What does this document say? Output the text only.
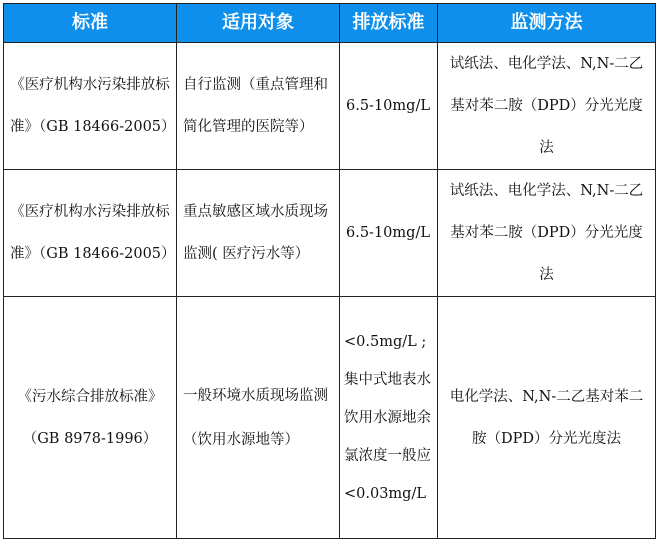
标准	适用对象	排放标准	监测方法
《医疗机构水污染排放标准》（GB 18466-2005）	自行监测（重点管理和简化管理的医院等）	6.5-10mg/L	试纸法、电化学法、N,N-二乙基对苯二胺（DPD）分光光度法
《医疗机构水污染排放标准》（GB 18466-2005）	重点敏感区域水质现场监测( 医疗污水等）	6.5-10mg/L	试纸法、电化学法、N,N-二乙基对苯二胺（DPD）分光光度法
《污水综合排放标准》（GB 8978-1996）	一般环境水质现场监测（饮用水源地等）	<0.5mg/L ;集中式地表水饮用水源地余氯浓度一般应<0.03mg/L	电化学法、N,N-二乙基对苯二胺（DPD）分光光度法
